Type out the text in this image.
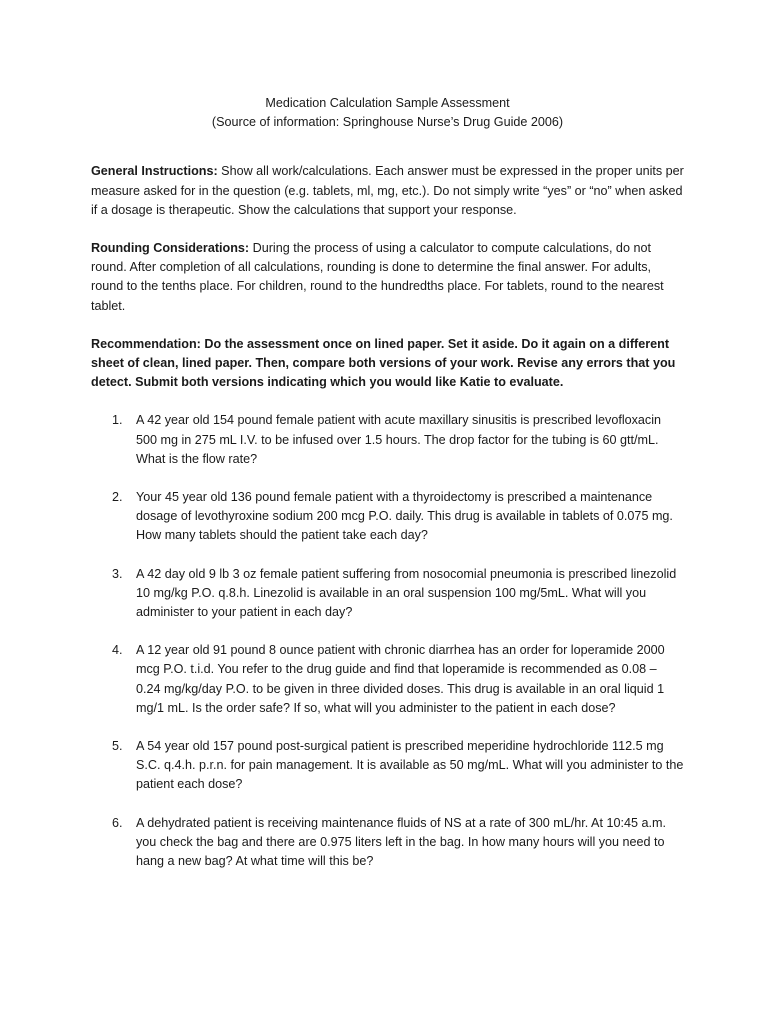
Medication Calculation Sample Assessment
(Source of information: Springhouse Nurse’s Drug Guide 2006)

General Instructions: Show all work/calculations. Each answer must be expressed in the proper units per measure asked for in the question (e.g. tablets, ml, mg, etc.). Do not simply write “yes” or “no” when asked if a dosage is therapeutic. Show the calculations that support your response.

Rounding Considerations: During the process of using a calculator to compute calculations, do not round. After completion of all calculations, rounding is done to determine the final answer. For adults, round to the tenths place. For children, round to the hundredths place. For tablets, round to the nearest tablet.

Recommendation: Do the assessment once on lined paper. Set it aside. Do it again on a different sheet of clean, lined paper. Then, compare both versions of your work. Revise any errors that you detect. Submit both versions indicating which you would like Katie to evaluate.

1. A 42 year old 154 pound female patient with acute maxillary sinusitis is prescribed levofloxacin 500 mg in 275 mL I.V. to be infused over 1.5 hours. The drop factor for the tubing is 60 gtt/mL. What is the flow rate?
2. Your 45 year old 136 pound female patient with a thyroidectomy is prescribed a maintenance dosage of levothyroxine sodium 200 mcg P.O. daily. This drug is available in tablets of 0.075 mg. How many tablets should the patient take each day?
3. A 42 day old 9 lb 3 oz female patient suffering from nosocomial pneumonia is prescribed linezolid 10 mg/kg P.O. q.8.h. Linezolid is available in an oral suspension 100 mg/5mL. What will you administer to your patient in each day?
4. A 12 year old 91 pound 8 ounce patient with chronic diarrhea has an order for loperamide 2000 mcg P.O. t.i.d. You refer to the drug guide and find that loperamide is recommended as 0.08 – 0.24 mg/kg/day P.O. to be given in three divided doses. This drug is available in an oral liquid 1 mg/1 mL. Is the order safe? If so, what will you administer to the patient in each dose?
5. A 54 year old 157 pound post-surgical patient is prescribed meperidine hydrochloride 112.5 mg S.C. q.4.h. p.r.n. for pain management. It is available as 50 mg/mL. What will you administer to the patient each dose?
6. A dehydrated patient is receiving maintenance fluids of NS at a rate of 300 mL/hr. At 10:45 a.m. you check the bag and there are 0.975 liters left in the bag. In how many hours will you need to hang a new bag? At what time will this be?
